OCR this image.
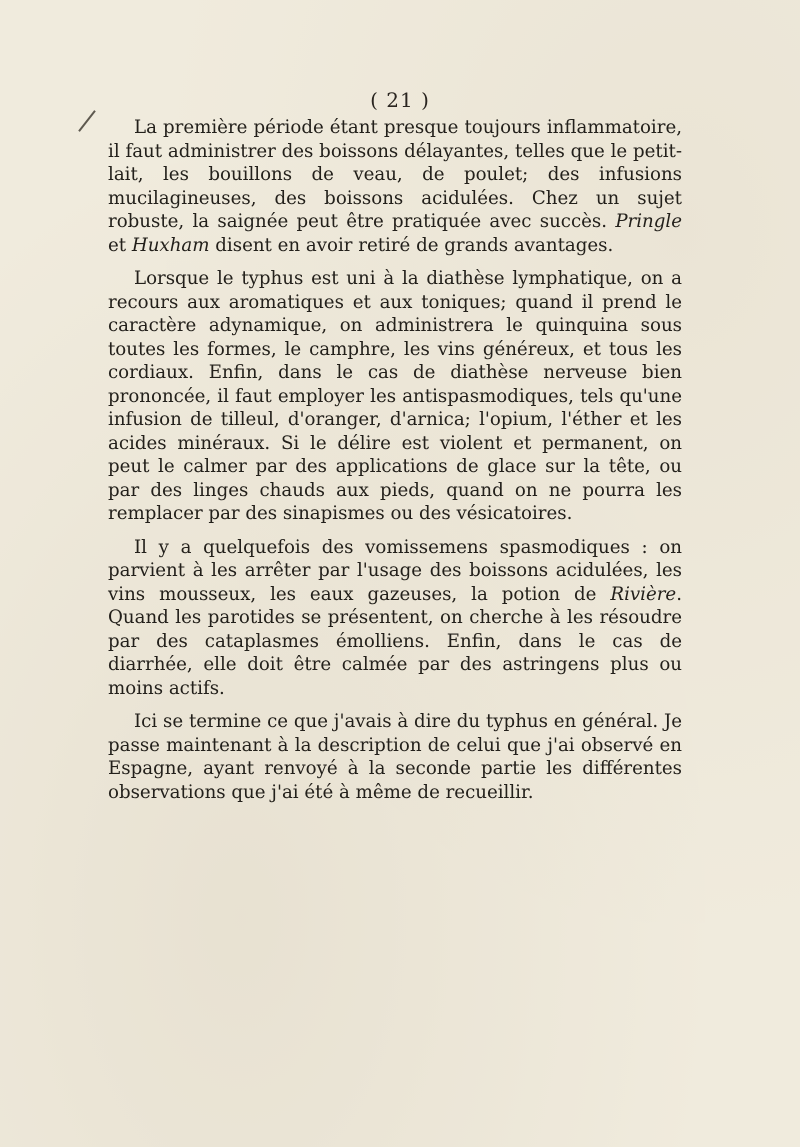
( 21 )

La première période étant presque toujours inflammatoire, il faut administrer des boissons délayantes, telles que le petit-lait, les bouillons de veau, de poulet; des infusions mucilagineuses, des boissons acidulées. Chez un sujet robuste, la saignée peut être pratiquée avec succès. Pringle et Huxham disent en avoir retiré de grands avantages.

Lorsque le typhus est uni à la diathèse lymphatique, on a recours aux aromatiques et aux toniques; quand il prend le caractère adynamique, on administrera le quinquina sous toutes les formes, le camphre, les vins généreux, et tous les cordiaux. Enfin, dans le cas de diathèse nerveuse bien prononcée, il faut employer les antispasmodiques, tels qu'une infusion de tilleul, d'oranger, d'arnica; l'opium, l'éther et les acides minéraux. Si le délire est violent et permanent, on peut le calmer par des applications de glace sur la tête, ou par des linges chauds aux pieds, quand on ne pourra les remplacer par des sinapismes ou des vésicatoires.

Il y a quelquefois des vomissemens spasmodiques : on parvient à les arrêter par l'usage des boissons acidulées, les vins mousseux, les eaux gazeuses, la potion de Rivière. Quand les parotides se présentent, on cherche à les résoudre par des cataplasmes émolliens. Enfin, dans le cas de diarrhée, elle doit être calmée par des astringens plus ou moins actifs.

Ici se termine ce que j'avais à dire du typhus en général. Je passe maintenant à la description de celui que j'ai observé en Espagne, ayant renvoyé à la seconde partie les différentes observations que j'ai été à même de recueillir.
